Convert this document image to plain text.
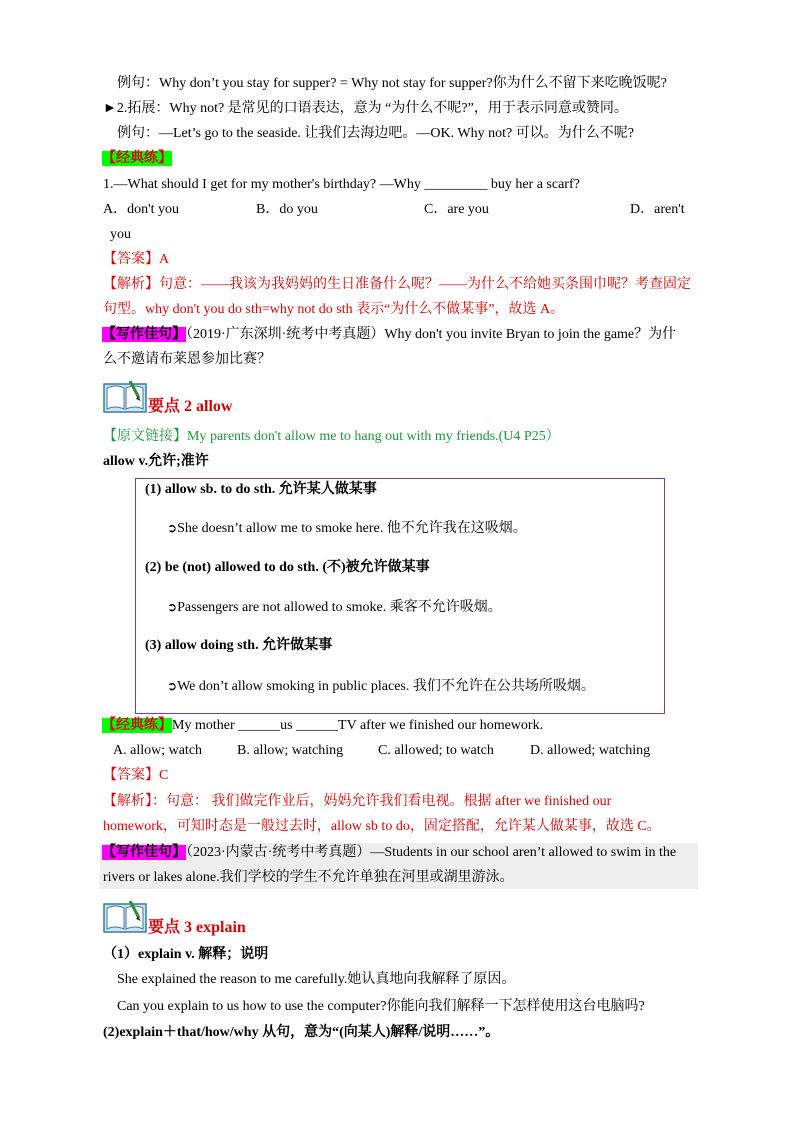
例句：Why don’t you stay for supper? = Why not stay for supper?你为什么不留下来吃晚饭呢?
►2.拓展：Why not? 是常见的口语表达，意为 “为什么不呢?”，用于表示同意或赞同。
例句：—Let’s go to the seaside. 让我们去海边吧。—OK. Why not? 可以。为什么不呢?
【经典练】
1.—What should I get for my mother's birthday? —Why _________ buy her a scarf?
A．don't you	B．do you	C．are you	D．aren't
you
【答案】A
【解析】句意：——我该为我妈妈的生日准备什么呢？——为什么不给她买条围巾呢？考查固定
句型。why don't you do sth=why not do sth 表示“为什么不做某事”，故选 A。
【写作佳句】（2019·广东深圳·统考中考真题）Why don't you invite Bryan to join the game？为什
么不邀请布莱恩参加比赛？
要点 2 allow
【原文链接】My parents don't allow me to hang out with my friends.(U4 P25）
allow v.允许;准许
(1) allow sb. to do sth. 允许某人做某事
➲She doesn’t allow me to smoke here. 他不允许我在这吸烟。
(2) be (not) allowed to do sth. (不)被允许做某事
➲Passengers are not allowed to smoke. 乘客不允许吸烟。
(3) allow doing sth. 允许做某事
➲We don’t allow smoking in public places. 我们不允许在公共场所吸烟。
【经典练】My mother ______us ______TV after we finished our homework.
A. allow; watch B. allow; watching C. allowed; to watch	D. allowed; watching
【答案】C
【解析】：句意： 我们做完作业后，妈妈允许我们看电视。根据 after we finished our
homework，可知时态是一般过去时，allow sb to do，固定搭配，允许某人做某事，故选 C。
【写作佳句】（2023·内蒙古·统考中考真题）—Students in our school aren’t allowed to swim in the
rivers or lakes alone.我们学校的学生不允许单独在河里或湖里游泳。
要点 3 explain
（1）explain v. 解释；说明
She explained the reason to me carefully.她认真地向我解释了原因。
Can you explain to us how to use the computer?你能向我们解释一下怎样使用这台电脑吗?
(2)explain＋that/how/why 从句，意为“(向某人)解释/说明……”。
